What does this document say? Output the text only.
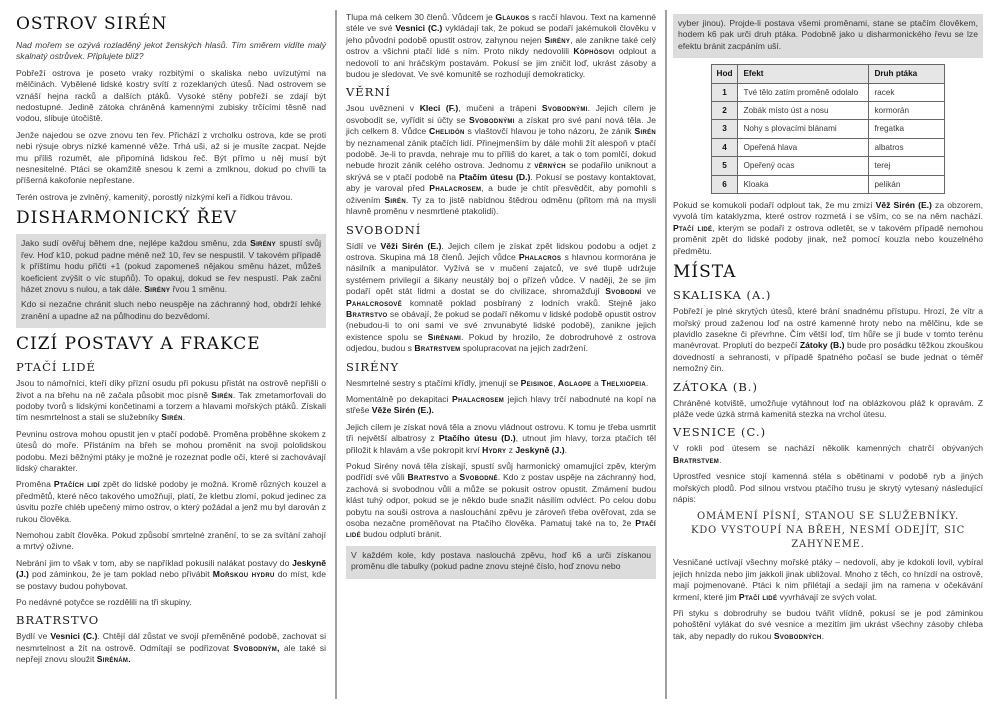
OSTROV SIRÉN

Nad mořem se ozývá rozladěný jekot ženských hlasů. Tím směrem vidíte malý skalnatý ostrůvek. Připlujete blíž?

Pobřeží ostrova je poseto vraky rozbitými o skaliska nebo uvízutými na mělčinách. Vybělené lidské kostry svítí z rozeklaných útesů. Nad ostrovem se vznáší hejna racků a dalších ptáků. Vysoké stěny pobřeží se zdají být nedostupné. Jedině zátoka chráněná kamennými zubisky trčícími těsně nad vodou, slibuje útočiště.

Jenže najedou se ozve znovu ten řev. Přichází z vrcholku ostrova, kde se proti nebi rýsuje obrys nízké kamenné věže. Trhá uši, až si je musíte zacpat. Nejde mu příliš rozumět, ale připomíná lidskou řeč. Být přímo u něj musí být nesnesitelné. Ptáci se okamžitě snesou k zemi a zmlknou, dokud po chvíli ta příšerná kakofonie nepřestane.

Terén ostrova je zvlněný, kamenitý, porostlý nízkými keři a řídkou trávou.

DISHARMONICKÝ ŘEV

Jako sudí ověřuj během dne, nejlépe každou směnu, zda Sirény spustí svůj řev. Hoď k10, pokud padne méně než 10, řev se nespustil. V takovém případě k příštímu hodu přičti +1 (pokud zapomeneš nějakou směnu házet, můžeš koeficient zvýšit o víc stupňů). To opakuj, dokud se řev nespustí. Pak začni házet znovu s nulou, a tak dále. Sirény řvou 1 směnu.

Kdo si nezačne chránit sluch nebo neuspěje na záchranný hod, obdrží lehké zranění a upadne až na půlhodinu do bezvědomí.

CIZÍ POSTAVY A FRAKCE
PTAČÍ LIDÉ

Jsou to námořníci, kteří díky přízní osudu při pokusu přistát na ostrově nepřišli o život a na břehu na ně začala působit moc písně Sirén. Tak zmetamorfovali do podoby tvorů s lidskými končetinami a torzem a hlavami mořských ptáků. Získali tím nesmrtelnost a stali se služebníky Sirén.

Pevninu ostrova mohou opustit jen v ptačí podobě. Proměna proběhne skokem z útesů do moře. Přistáním na břeh se mohou proměnit na svoji pololidskou podobu. Mezi běžnými ptáky je možné je rozeznat podle očí, které si zachovávají lidský charakter.

Proměna Ptačích lidí zpět do lidské podoby je možná. Kromě různých kouzel a předmětů, které něco takového umožňují, platí, že kletbu zlomí, pokud jedinec za úsvitu pozře chléb upečený mimo ostrov, o který požádal a jenž mu byl darován z rukou člověka.

Nemohou zabít člověka. Pokud způsobí smrtelné zranění, to se za svítání zahojí a mrtvý oživne.

Nebrání jim to však v tom, aby se například pokusili nalákat postavy do Jeskyně (J.) pod záminkou, že je tam poklad nebo přivábit Mořskou hydru do míst, kde se postavy budou pohybovat.

Po nedávné potyčce se rozdělili na tři skupiny.

BRATRSTVO

Bydlí ve Vesnici (C.). Chtějí dál zůstat ve svojí přeměněné podobě, zachovat si nesmrtelnost a žít na ostrově. Odmítají se podřizovat Svobodným, ale také si nepřejí znovu sloužit Sirénám.

Tlupa má celkem 30 členů. Vůdcem je Glaukos s racčí hlavou. Text na kamenné stéle ve své Vesnici (C.) vykládají tak, že pokud se podaří jakémukoli člověku v jeho původní podobě opustit ostrov, zahynou nejen Sirény, ale zanikne také celý ostrov a všichni ptačí lidé s ním. Proto nikdy nedovolili Köphösovi odplout a nedovolí to ani hráčským postavám. Pokusí se jim zničit loď, ukrást zásoby a budou je sledovat. Ve své komunitě se rozhodují demokraticky.

VĚRNÍ

Jsou uvězneni v Kleci (F.), mučeni a trápeni Svobodnými. Jejich cílem je osvobodit se, vyřídit si účty se Svobodnými a získat pro své paní nová těla. Je jich celkem 8. Vůdce Chelidón s vlaštovčí hlavou je toho názoru, že zánik Sirén by neznamenal zánik ptačích lidí. Přinejmenším by dále mohli žít alespoň v ptačí podobě. Je-li to pravda, nehraje mu to příliš do karet, a tak o tom pomlčí, dokud nebude hrozit zánik celého ostrova. Jednomu z věrných se podařilo uniknout a skrývá se v ptačí podobě na Ptačím útesu (D.). Pokusí se postavy kontaktovat, aby je varoval před Phalacrosem, a bude je chtít přesvědčit, aby pomohli s oživením Sirén. Ty za to jistě nabídnou štědrou odměnu (přitom má na mysli hlavně proměnu v nesmrtlené ptakolidi).

SVOBODNÍ

Sídlí ve Věži Sirén (E.). Jejich cílem je získat zpět lidskou podobu a odjet z ostrova. Skupina má 18 členů. Jejich vůdce Phalacros s hlavnou kormorána je násilník a manipulátor. Vyžívá se v mučení zajatců, ve své tlupě udržuje systémem privilegií a šikany neustálý boj o přízeň vůdce. V naději, že se jim podaří opět stát lidmi a dostat se do civilizace, shromažďují Svobodní ve Pahalcrosově komnatě poklad posbíraný z lodních vraků. Stejně jako Bratrstvo se obávají, že pokud se podaří někomu v lidské podobě opustit ostrov (nebudou-li to oni sami ve své znvunabyté lidské podobě), zanikne jejich existence spolu se Sirénami. Pokud by hrozilo, že dobrodruhové z ostrova odjedou, budou s Bratrstvem spolupracovat na jejich zadržení.

SIRÉNY

Nesmrtelné sestry s ptačími křídly, jmenují se Peisinoe, Aglaope a Thelxiopeia.

Momentálně po dekapitaci Phalacrosem jejich hlavy trčí nabodnuté na kopí na střeše Věže Sirén (E.).

Jejich cílem je získat nová těla a znovu vládnout ostrovu. K tomu je třeba usmrtit tři největší albatrosy z Ptačího útesu (D.), utnout jim hlavy, torza ptačích těl přiložit k hlavám a vše pokropit krví Hydry z Jeskyně (J.).

Pokud Sirény nová těla získají, spustí svůj harmonický omamující zpěv, kterým podřídí své vůli Bratrstvo a Svobodné. Kdo z postav uspěje na záchranný hod, zachová si svobodnou vůli a může se pokusit ostrov opustit. Zmámení budou klást tuhý odpor, pokud se je někdo bude snažit násilím odvléct. Po celou dobu pobytu na souši ostrova a naslouchání zpěvu je zároveň třeba ověřovat, zda se osoba nezačne proměňovat na Ptačího člověka. Pamatuj také na to, že Ptačí lidé budou odplutí bránit.

V každém kole, kdy postava naslouchá zpěvu, hoď k6 a urči získanou proměnu dle tabulky (pokud padne znovu stejné číslo, hoď znovu nebo

vyber jinou). Projde-li postava všemi proměnami, stane se ptačím člověkem, hodem k6 pak urči druh ptáka. Podobně jako u disharmonického řevu se lze efektu bránit zacpáním uší.

Hod	Efekt	Druh ptáka
1	Tvé tělo zatím proměně odolalo	racek
2	Zobák místo úst a nosu	kormorán
3	Nohy s plovacími blánami	fregatka
4	Opeřená hlava	albatros
5	Opeřený ocas	terej
6	Kloaka	pelikán

Pokud se komukoli podaří odplout tak, že mu zmizí Věž Sirén (E.) za obzorem, vyvolá tím kataklyzma, které ostrov rozmetá i se vším, co se na něm nachází. Ptačí lidé, kterým se podaří z ostrova odletět, se v takovém případě nemohou proměnit zpět do lidské podoby jinak, než pomocí kouzla nebo kouzelného předmětu.

MÍSTA
SKALISKA (A.)

Pobřeží je plné skrytých útesů, které brání snadnému přístupu. Hrozí, že vítr a mořský proud zaženou loď na ostré kamenné hroty nebo na mělčinu, kde se plavidlo zasekne či převrhne. Čím větší loď, tím hůře se jí bude v tomto terénu manévrovat. Proplutí do bezpečí Zátoky (B.) bude pro posádku těžkou zkouškou dovedností a sehranosti, v případě špatného počasí se bude jednat o téměř nemožný čin.

ZÁTOKA (B.)

Chráněné kotviště, umožňuje vytáhnout loď na oblázkovou pláž k opravám. Z pláže vede úzká strmá kamenitá stezka na vrchol útesu.

VESNICE (C.)

V rokli pod útesem se nachází několik kamenných chatrčí obývaných Bratrstvem.

Uprostřed vesnice stojí kamenná stéla s obětinami v podobě ryb a jiných mořských plodů. Pod silnou vrstvou ptačího trusu je skrytý vytesaný následující nápis:

OMÁMENÍ PÍSNÍ, STANOU SE SLUŽEBNÍKY.
KDO VYSTOUPÍ NA BŘEH, NESMÍ ODEJÍT, SIC ZAHYNEME.

Vesničané uctívají všechny mořské ptáky – nedovolí, aby je kdokoli lovil, vybíral jejich hnízda nebo jim jakkoli jinak ubližoval. Mnoho z těch, co hnízdí na ostrově, mají pojmenované. Ptáci k nim přilétají a sedají jim na ramena v očekávání krmení, které jim Ptačí lidé vyvrhávají ze svých volat.

Při styku s dobrodruhy se budou tvářit vlídně, pokusí se je pod záminkou pohoštění vylákat do své vesnice a mezitím jim ukrást všechny zásoby chleba tak, aby nepadly do rukou Svobodných.
